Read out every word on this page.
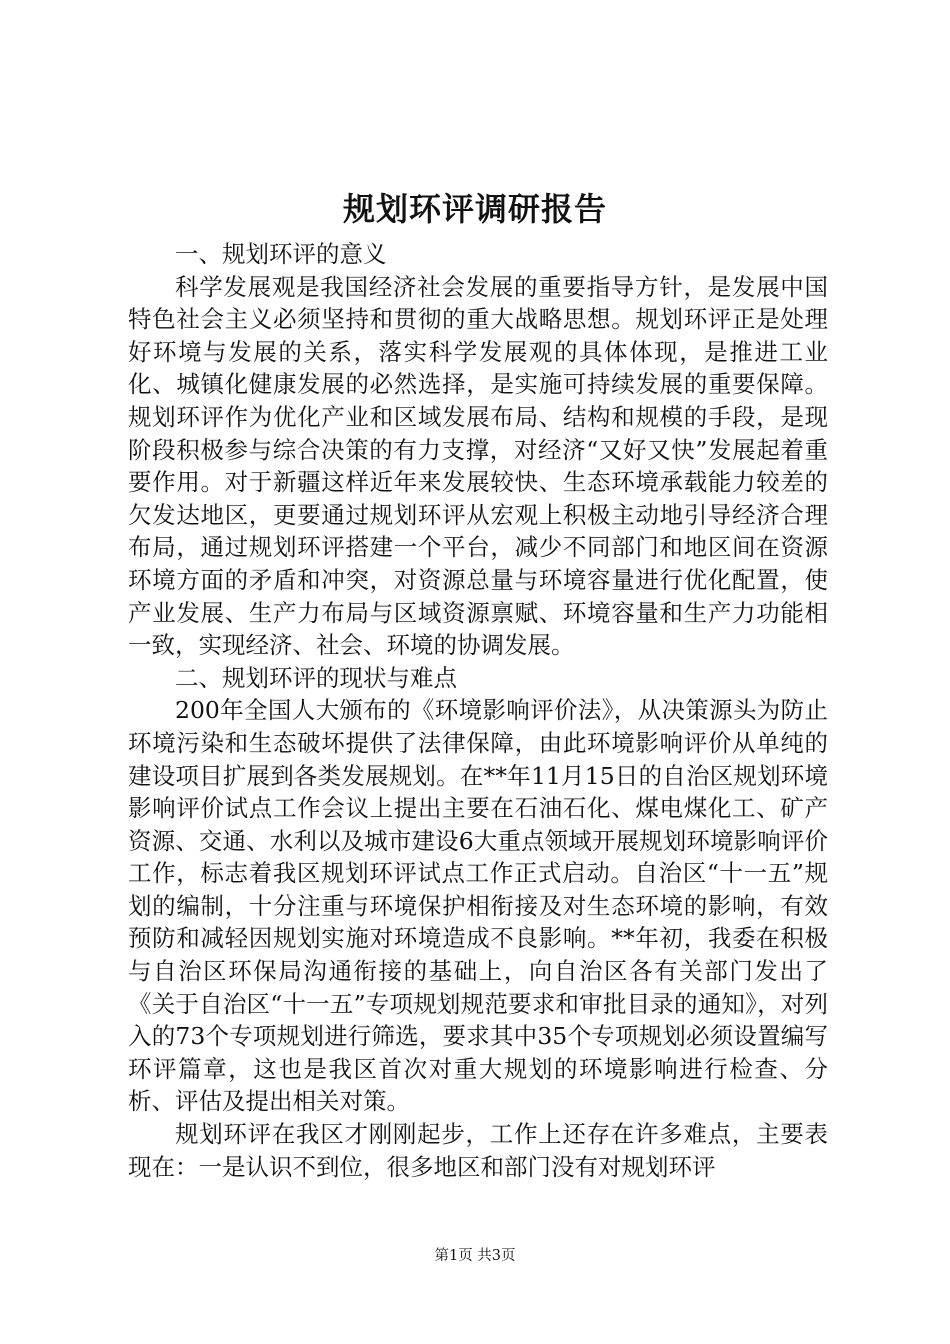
规划环评调研报告

一、规划环评的意义

科学发展观是我国经济社会发展的重要指导方针，是发展中国特色社会主义必须坚持和贯彻的重大战略思想。规划环评正是处理好环境与发展的关系，落实科学发展观的具体体现，是推进工业化、城镇化健康发展的必然选择，是实施可持续发展的重要保障。规划环评作为优化产业和区域发展布局、结构和规模的手段，是现阶段积极参与综合决策的有力支撑，对经济“又好又快”发展起着重要作用。对于新疆这样近年来发展较快、生态环境承载能力较差的欠发达地区，更要通过规划环评从宏观上积极主动地引导经济合理布局，通过规划环评搭建一个平台，减少不同部门和地区间在资源环境方面的矛盾和冲突，对资源总量与环境容量进行优化配置，使产业发展、生产力布局与区域资源禀赋、环境容量和生产力功能相一致，实现经济、社会、环境的协调发展。

二、规划环评的现状与难点

200年全国人大颁布的《环境影响评价法》，从决策源头为防止环境污染和生态破坏提供了法律保障，由此环境影响评价从单纯的建设项目扩展到各类发展规划。在**年11月15日的自治区规划环境影响评价试点工作会议上提出主要在石油石化、煤电煤化工、矿产资源、交通、水利以及城市建设6大重点领域开展规划环境影响评价工作，标志着我区规划环评试点工作正式启动。自治区“十一五”规划的编制，十分注重与环境保护相衔接及对生态环境的影响，有效预防和减轻因规划实施对环境造成不良影响。**年初，我委在积极与自治区环保局沟通衔接的基础上，向自治区各有关部门发出了《关于自治区“十一五”专项规划规范要求和审批目录的通知》，对列入的73个专项规划进行筛选，要求其中35个专项规划必须设置编写环评篇章，这也是我区首次对重大规划的环境影响进行检查、分析、评估及提出相关对策。

规划环评在我区才刚刚起步，工作上还存在许多难点，主要表现在：一是认识不到位，很多地区和部门没有对规划环评

第1页 共3页
